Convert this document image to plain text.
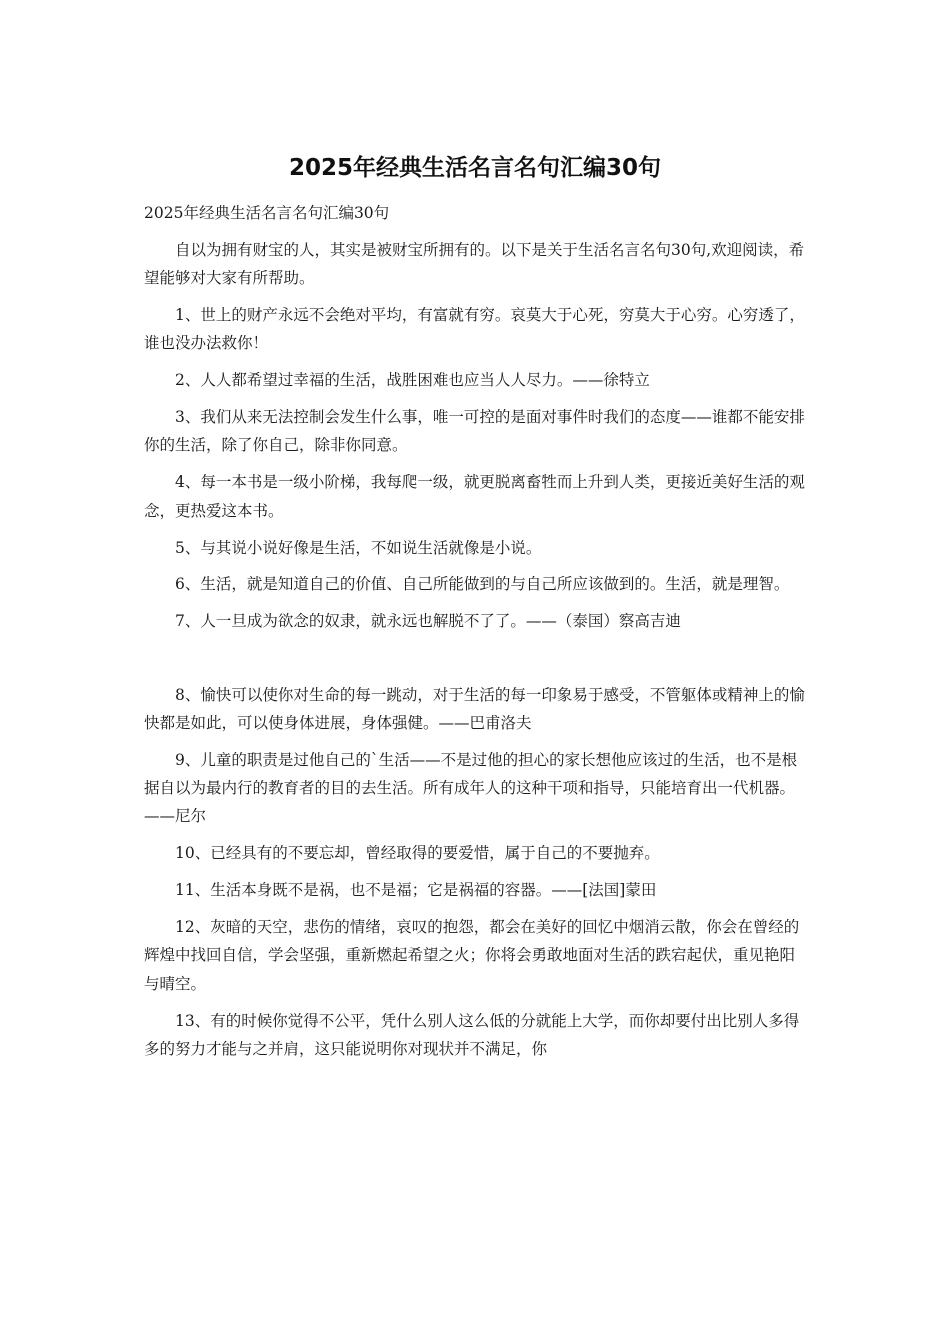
2025年经典生活名言名句汇编30句

2025年经典生活名言名句汇编30句

自以为拥有财宝的人，其实是被财宝所拥有的。以下是关于生活名言名句30句,欢迎阅读，希望能够对大家有所帮助。

1、世上的财产永远不会绝对平均，有富就有穷。哀莫大于心死，穷莫大于心穷。心穷透了，谁也没办法救你！

2、人人都希望过幸福的生活，战胜困难也应当人人尽力。——徐特立

3、我们从来无法控制会发生什么事，唯一可控的是面对事件时我们的态度——谁都不能安排你的生活，除了你自己，除非你同意。

4、每一本书是一级小阶梯，我每爬一级，就更脱离畜牲而上升到人类，更接近美好生活的观念，更热爱这本书。

5、与其说小说好像是生活，不如说生活就像是小说。

6、生活，就是知道自己的价值、自己所能做到的与自己所应该做到的。生活，就是理智。

7、人一旦成为欲念的奴隶，就永远也解脱不了了。——（泰国）察高吉迪

8、愉快可以使你对生命的每一跳动，对于生活的每一印象易于感受，不管躯体或精神上的愉快都是如此，可以使身体进展，身体强健。——巴甫洛夫

9、儿童的职责是过他自己的`生活——不是过他的担心的家长想他应该过的生活，也不是根据自以为最内行的教育者的目的去生活。所有成年人的这种干项和指导，只能培育出一代机器。——尼尔

10、已经具有的不要忘却，曾经取得的要爱惜，属于自己的不要抛弃。

11、生活本身既不是祸，也不是福；它是祸福的容器。——[法国]蒙田

12、灰暗的天空，悲伤的情绪，哀叹的抱怨，都会在美好的回忆中烟消云散，你会在曾经的辉煌中找回自信，学会坚强，重新燃起希望之火；你将会勇敢地面对生活的跌宕起伏，重见艳阳与晴空。

13、有的时候你觉得不公平，凭什么别人这么低的分就能上大学，而你却要付出比别人多得多的努力才能与之并肩，这只能说明你对现状并不满足，你
